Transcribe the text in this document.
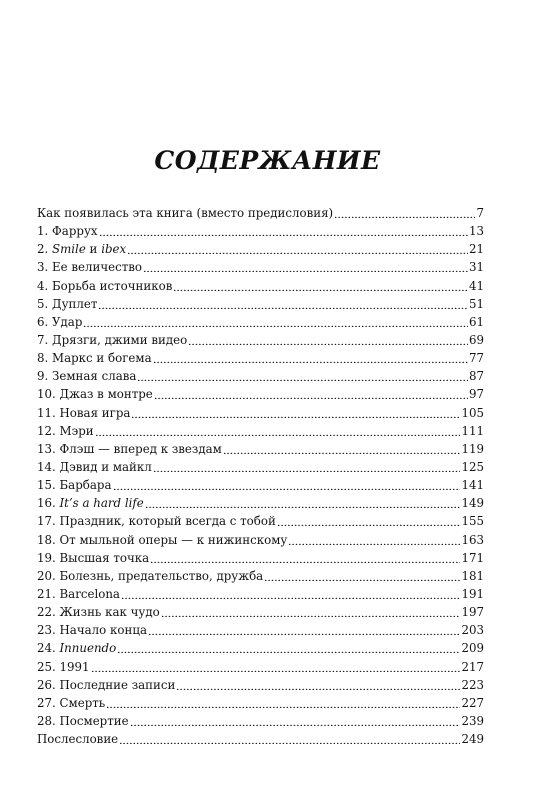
СОДЕРЖАНИЕ
Как появилась эта книга (вместо предисловия)	7
1. Фаррух	13
2. Smile и ibex	21
3. Ее величество	31
4. Борьба источников	41
5. Дуплет	51
6. Удар	61
7. Дрязги, джими видео	69
8. Маркс и богема	77
9. Земная слава	87
10. Джаз в монтре	97
11. Новая игра	105
12. Мэри	111
13. Флэш — вперед к звездам	119
14. Дэвид и майкл	125
15. Барбара	141
16. It’s a hard life	149
17. Праздник, который всегда с тобой	155
18. От мыльной оперы — к нижинскому	163
19. Высшая точка	171
20. Болезнь, предательство, дружба	181
21. Barcelona	191
22. Жизнь как чудо	197
23. Начало конца	203
24. Innuendo	209
25. 1991	217
26. Последние записи	223
27. Смерть	227
28. Посмертие	239
Послесловие	249
